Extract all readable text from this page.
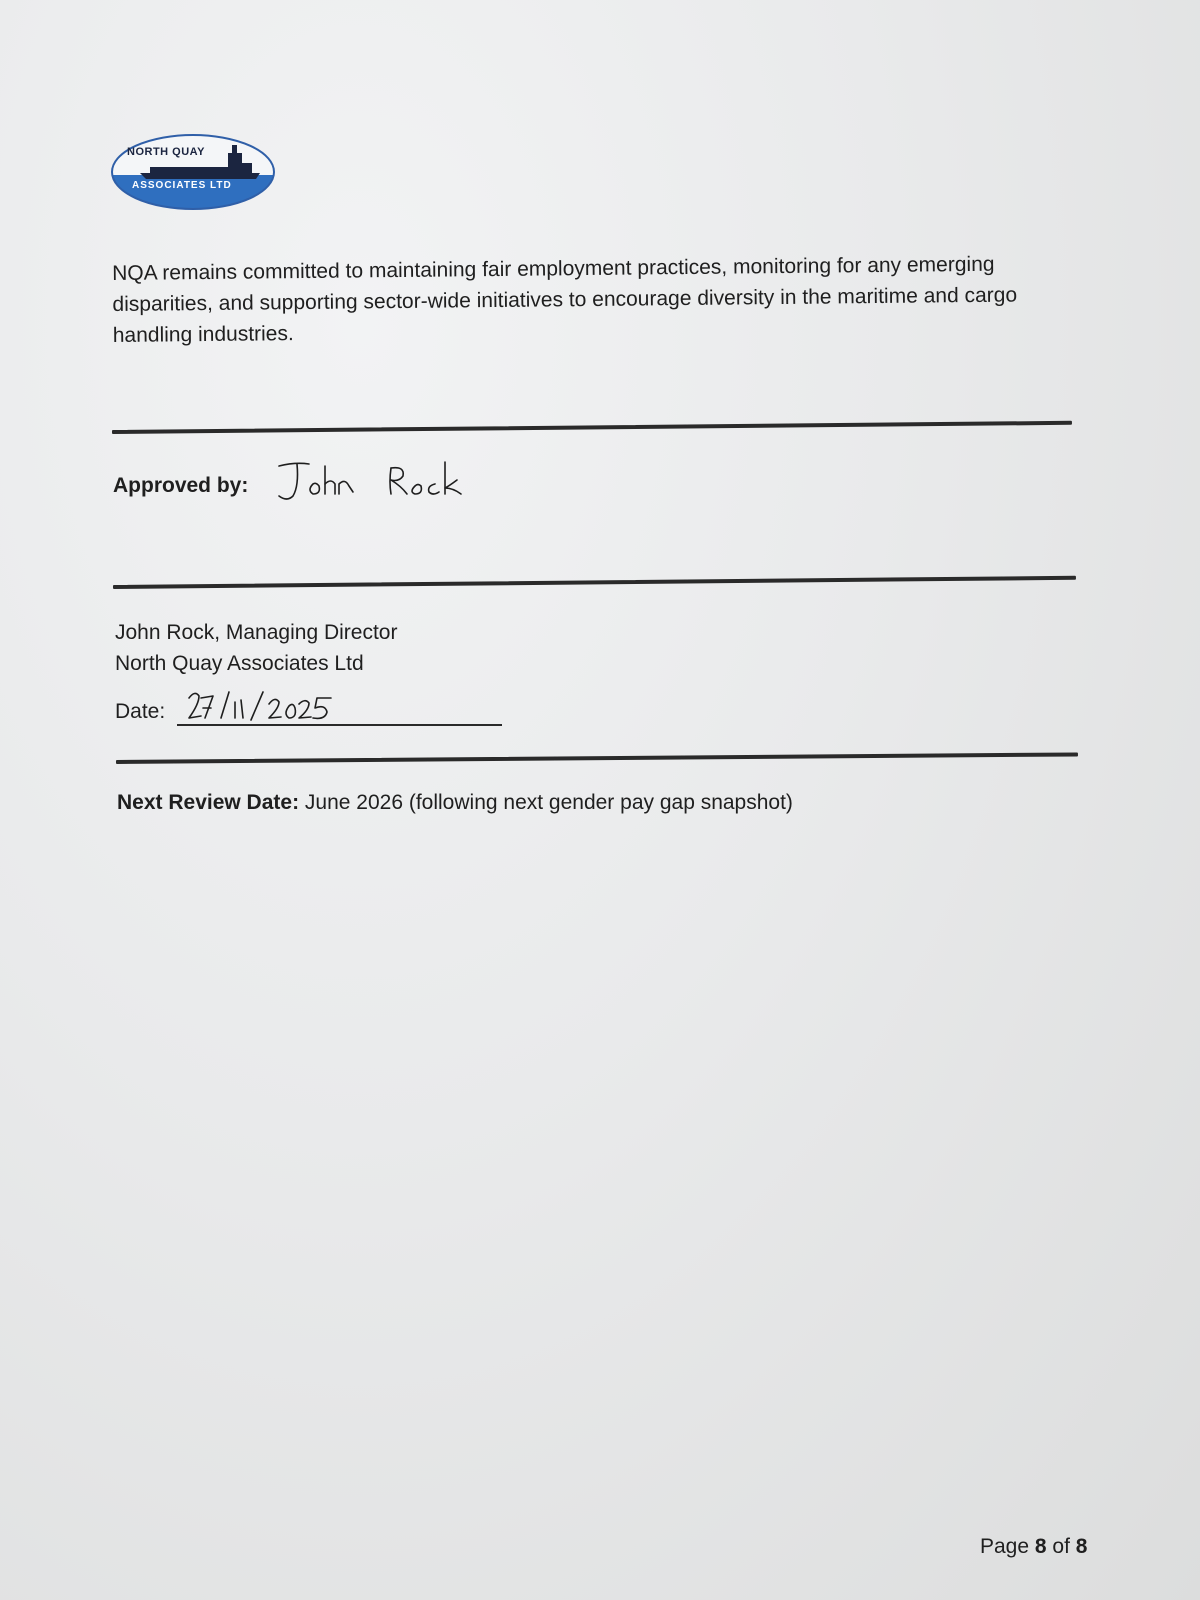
NORTH QUAY
ASSOCIATES LTD
NQA remains committed to maintaining fair employment practices, monitoring for any emerging disparities, and supporting sector-wide initiatives to encourage diversity in the maritime and cargo handling industries.
Approved by:
John Rock, Managing Director
North Quay Associates Ltd
Date:
Next Review Date: June 2026 (following next gender pay gap snapshot)
Page 8 of 8
